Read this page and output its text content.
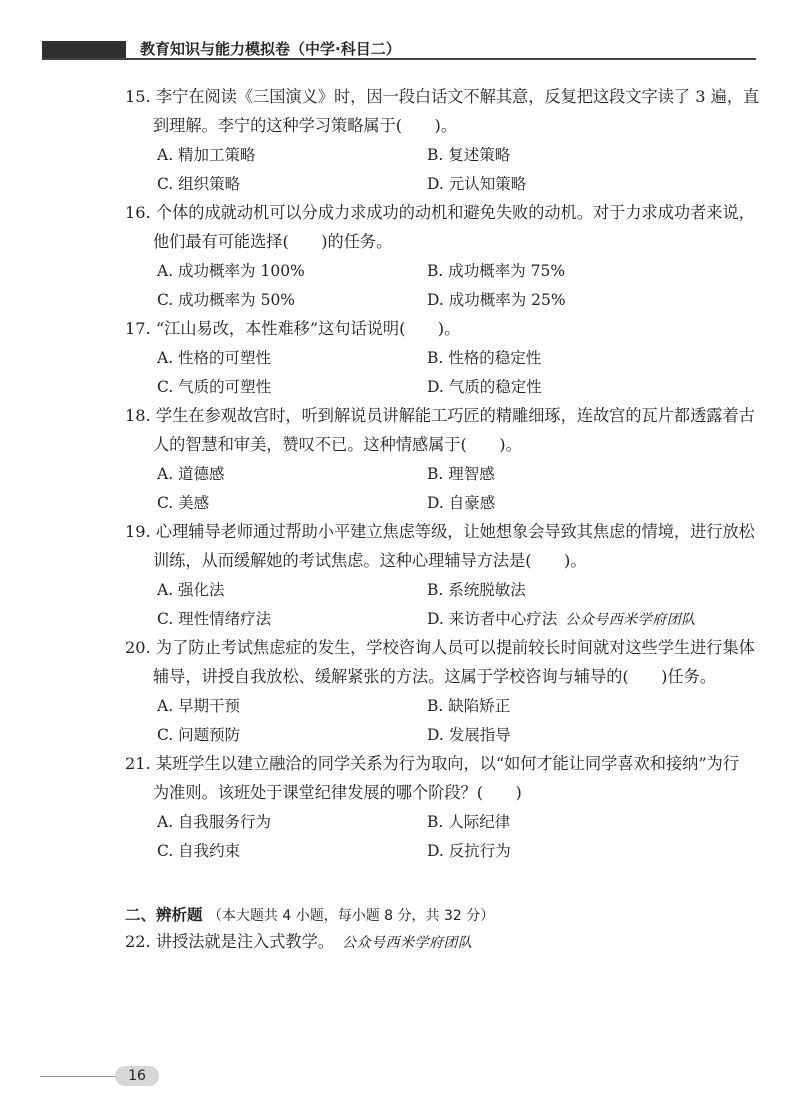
教育知识与能力模拟卷（中学·科目二）
15. 李宁在阅读《三国演义》时，因一段白话文不解其意，反复把这段文字读了 3 遍，直
到理解。李宁的这种学习策略属于(　　)。
A. 精加工策略	B. 复述策略
C. 组织策略	D. 元认知策略
16. 个体的成就动机可以分成力求成功的动机和避免失败的动机。对于力求成功者来说，
他们最有可能选择(　　)的任务。
A. 成功概率为 100%	B. 成功概率为 75%
C. 成功概率为 50%	D. 成功概率为 25%
17. “江山易改，本性难移”这句话说明(　　)。
A. 性格的可塑性	B. 性格的稳定性
C. 气质的可塑性	D. 气质的稳定性
18. 学生在参观故宫时，听到解说员讲解能工巧匠的精雕细琢，连故宫的瓦片都透露着古
人的智慧和审美，赞叹不已。这种情感属于(　　)。
A. 道德感	B. 理智感
C. 美感	D. 自豪感
19. 心理辅导老师通过帮助小平建立焦虑等级，让她想象会导致其焦虑的情境，进行放松
训练，从而缓解她的考试焦虑。这种心理辅导方法是(　　)。
A. 强化法	B. 系统脱敏法
C. 理性情绪疗法	D. 来访者中心疗法 公众号西米学府团队
20. 为了防止考试焦虑症的发生，学校咨询人员可以提前较长时间就对这些学生进行集体
辅导，讲授自我放松、缓解紧张的方法。这属于学校咨询与辅导的(　　)任务。
A. 早期干预	B. 缺陷矫正
C. 问题预防	D. 发展指导
21. 某班学生以建立融洽的同学关系为行为取向，以“如何才能让同学喜欢和接纳”为行
为准则。该班处于课堂纪律发展的哪个阶段？(　　)
A. 自我服务行为	B. 人际纪律
C. 自我约束	D. 反抗行为
二、辨析题 （本大题共 4 小题，每小题 8 分，共 32 分）
22. 讲授法就是注入式教学。 公众号西米学府团队
16
